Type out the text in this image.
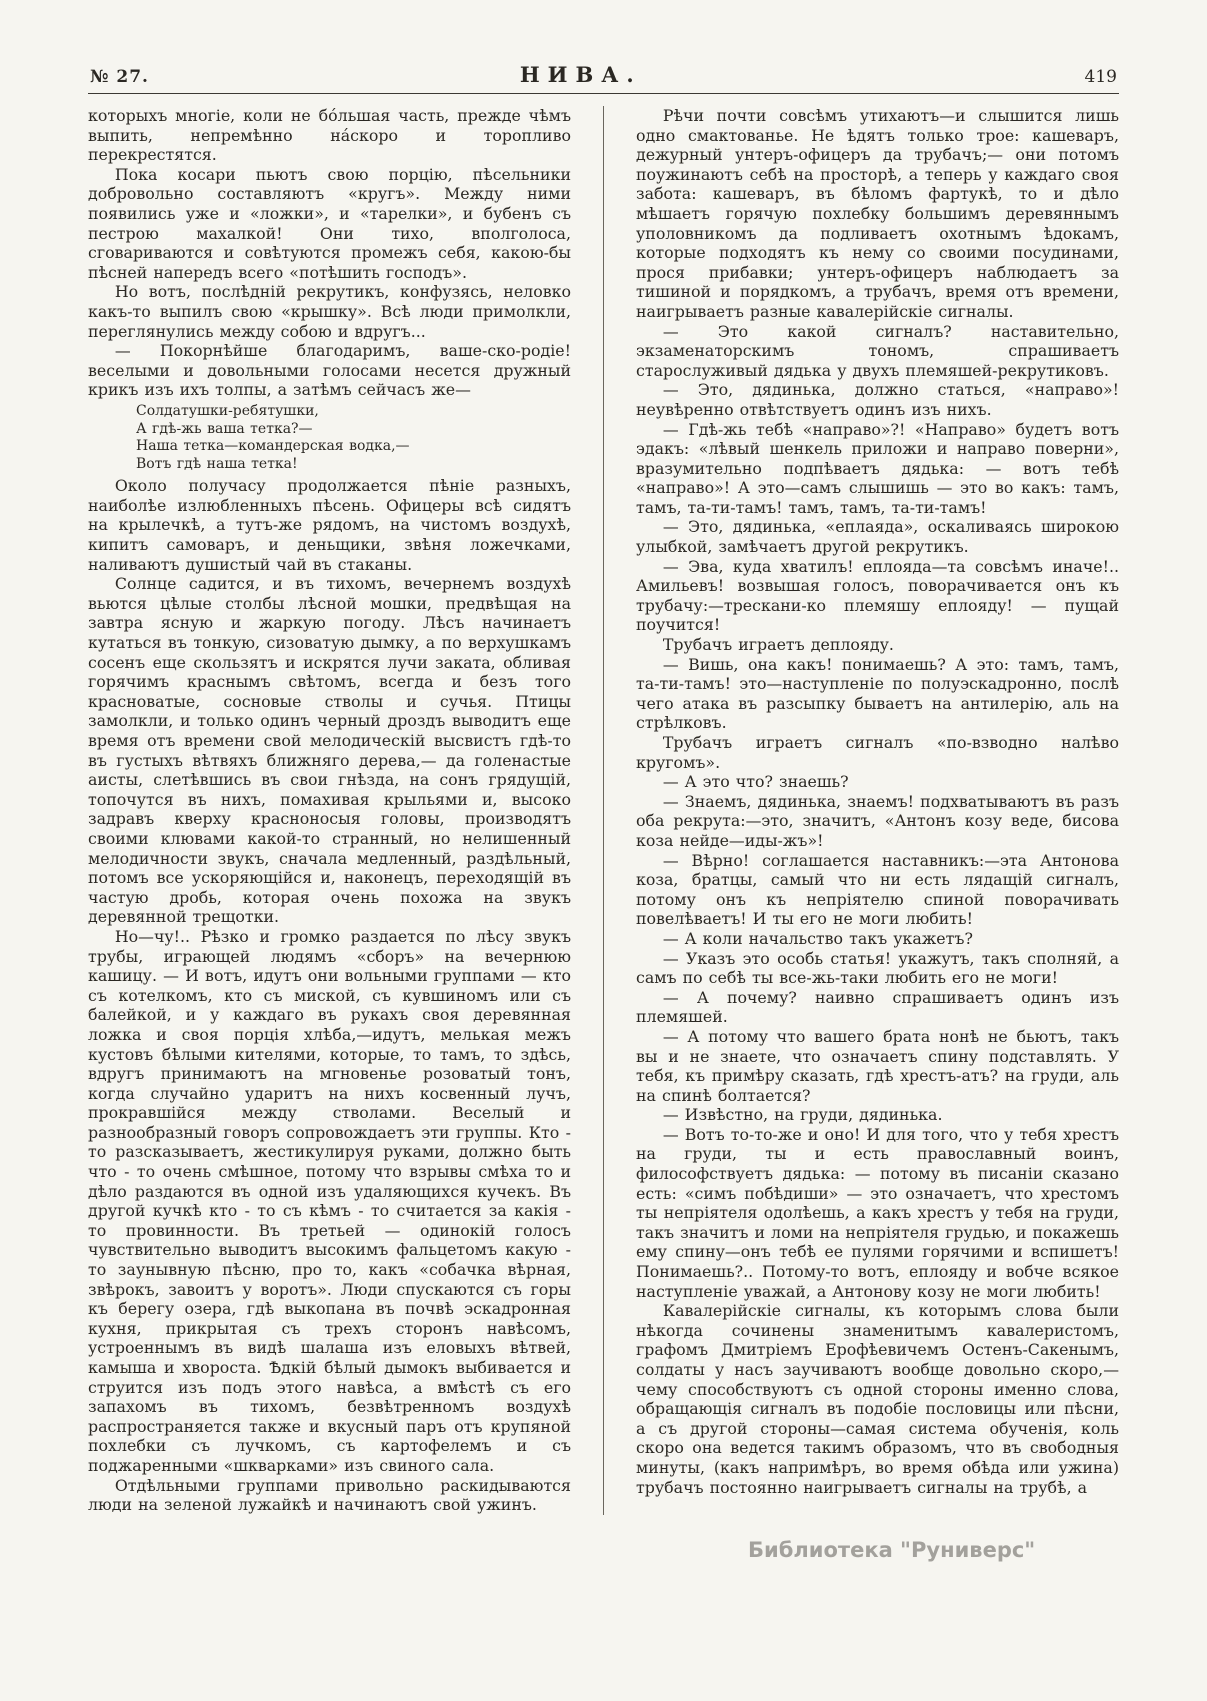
№ 27.	НИВА.	419

которыхъ многіе, коли не бо́льшая часть, прежде чѣмъ выпить, непремѣнно на́скоро и торопливо перекрестятся.

Пока косари пьютъ свою порцію, пѣсельники добровольно составляютъ «кругъ». Между ними появились уже и «ложки», и «тарелки», и бубенъ съ пестрою махалкой! Они тихо, вполголоса, сговариваются и совѣтуются промежъ себя, какою-бы пѣсней напередъ всего «потѣшить господъ».

Но вотъ, послѣдній рекрутикъ, конфузясь, неловко какъ-то выпилъ свою «крышку». Всѣ люди примолкли, переглянулись между собою и вдругъ...

— Покорнѣйше благодаримъ, ваше-ско-родіе! веселыми и довольными голосами несется дружный крикъ изъ ихъ толпы, а затѣмъ сейчасъ же—

Солдатушки-ребятушки,
А гдѣ-жь ваша тетка?—
Наша тетка—командерская водка,—
Вотъ гдѣ наша тетка!

Около получасу продолжается пѣніе разныхъ, наиболѣе излюбленныхъ пѣсень. Офицеры всѣ сидятъ на крылечкѣ, а тутъ-же рядомъ, на чистомъ воздухѣ, кипитъ самоваръ, и деньщики, звѣня ложечками, наливаютъ душистый чай въ стаканы.

Солнце садится, и въ тихомъ, вечернемъ воздухѣ вьются цѣлые столбы лѣсной мошки, предвѣщая на завтра ясную и жаркую погоду. Лѣсъ начинаетъ кутаться въ тонкую, сизоватую дымку, а по верхушкамъ сосенъ еще скользятъ и искрятся лучи заката, обливая горячимъ краснымъ свѣтомъ, всегда и безъ того красноватые, сосновые стволы и сучья. Птицы замолкли, и только одинъ черный дроздъ выводитъ еще время отъ времени свой мелодическій высвистъ гдѣ-то въ густыхъ вѣтвяхъ ближняго дерева,— да голенастые аисты, слетѣвшись въ свои гнѣзда, на сонъ грядущій, топочутся въ нихъ, помахивая крыльями и, высоко задравъ кверху красноносыя головы, производятъ своими клювами какой-то странный, но нелишенный мелодичности звукъ, сначала медленный, раздѣльный, потомъ все ускоряющійся и, наконецъ, переходящій въ частую дробь, которая очень похожа на звукъ деревянной трещотки.

Но—чу!.. Рѣзко и громко раздается по лѣсу звукъ трубы, играющей людямъ «сборъ» на вечернюю кашицу. — И вотъ, идутъ они вольными группами — кто съ котелкомъ, кто съ миской, съ кувшиномъ или съ балейкой, и у каждаго въ рукахъ своя деревянная ложка и своя порція хлѣба,—идутъ, мелькая межъ кустовъ бѣлыми кителями, которые, то тамъ, то здѣсь, вдругъ принимаютъ на мгновенье розоватый тонъ, когда случайно ударитъ на нихъ косвенный лучъ, прокравшійся между стволами. Веселый и разнообразный говоръ сопровождаетъ эти группы. Кто - то разсказываетъ, жестикулируя руками, должно быть что - то очень смѣшное, потому что взрывы смѣха то и дѣло раздаются въ одной изъ удаляющихся кучекъ. Въ другой кучкѣ кто - то съ кѣмъ - то считается за какія - то провинности. Въ третьей — одинокій голосъ чувствительно выводитъ высокимъ фальцетомъ какую - то заунывную пѣсню, про то, какъ «собачка вѣрная, звѣрокъ, завоитъ у воротъ». Люди спускаются съ горы къ берегу озера, гдѣ выкопана въ почвѣ эскадронная кухня, прикрытая съ трехъ сторонъ навѣсомъ, устроеннымъ въ видѣ шалаша изъ еловыхъ вѣтвей, камыша и хвороста. Ѣдкій бѣлый дымокъ выбивается и струится изъ подъ этого навѣса, а вмѣстѣ съ его запахомъ въ тихомъ, безвѣтренномъ воздухѣ распространяется также и вкусный паръ отъ крупяной похлебки съ лучкомъ, съ картофелемъ и съ поджаренными «шкварками» изъ свиного сала.

Отдѣльными группами привольно раскидываются люди на зеленой лужайкѣ и начинаютъ свой ужинъ.

Рѣчи почти совсѣмъ утихаютъ—и слышится лишь одно смактованье. Не ѣдятъ только трое: кашеваръ, дежурный унтеръ-офицеръ да трубачъ;— они потомъ поужинаютъ себѣ на просторѣ, а теперь у каждаго своя забота: кашеваръ, въ бѣломъ фартукѣ, то и дѣло мѣшаетъ горячую похлебку большимъ деревяннымъ уполовникомъ да подливаетъ охотнымъ ѣдокамъ, которые подходятъ къ нему со своими посудинами, прося прибавки; унтеръ-офицеръ наблюдаетъ за тишиной и порядкомъ, а трубачъ, время отъ времени, наигрываетъ разные кавалерійскіе сигналы.

— Это какой сигналъ? наставительно, экзаменаторскимъ тономъ, спрашиваетъ старослуживый дядька у двухъ племяшей-рекрутиковъ.

— Это, дядинька, должно статься, «направо»! неувѣренно отвѣтствуетъ одинъ изъ нихъ.

— Гдѣ-жь тебѣ «направо»?! «Направо» будетъ вотъ эдакъ: «лѣвый шенкель приложи и направо поверни», вразумительно подпѣваетъ дядька: — вотъ тебѣ «направо»! А это—самъ слышишь — это во какъ: тамъ, тамъ, та-ти-тамъ! тамъ, тамъ, та-ти-тамъ!

— Это, дядинька, «еплаяда», оскаливаясь широкою улыбкой, замѣчаетъ другой рекрутикъ.

— Эва, куда хватилъ! еплояда—та совсѣмъ иначе!.. Амильевъ! возвышая голосъ, поворачивается онъ къ трубачу:—трескани-ко племяшу еплояду! — пущай поучится!

Трубачъ играетъ деплояду.

— Вишь, она какъ! понимаешь? А это: тамъ, тамъ, та-ти-тамъ! это—наступленіе по полуэскадронно, послѣ чего атака въ разсыпку бываетъ на антилерію, аль на стрѣлковъ.

Трубачъ играетъ сигналъ «по-взводно налѣво кругомъ».

— А это что? знаешь?

— Знаемъ, дядинька, знаемъ! подхватываютъ въ разъ оба рекрута:—это, значитъ, «Антонъ козу веде, бисова коза нейде—иды-жъ»!

— Вѣрно! соглашается наставникъ:—эта Антонова коза, братцы, самый что ни есть лядащій сигналъ, потому онъ къ непріятелю спиной поворачивать повелѣваетъ! И ты его не моги любить!

— А коли начальство такъ укажетъ?

— Указъ это особь статья! укажутъ, такъ сполняй, а самъ по себѣ ты все-жь-таки любить его не моги!

— А почему? наивно спрашиваетъ одинъ изъ племяшей.

— А потому что вашего брата нонѣ не бьютъ, такъ вы и не знаете, что означаетъ спину подставлять. У тебя, къ примѣру сказать, гдѣ хрестъ-атъ? на груди, аль на спинѣ болтается?

— Извѣстно, на груди, дядинька.

— Вотъ то-то-же и оно! И для того, что у тебя хрестъ на груди, ты и есть православный воинъ, философствуетъ дядька: — потому въ писаніи сказано есть: «симъ побѣдиши» — это означаетъ, что хрестомъ ты непріятеля одолѣешь, а какъ хрестъ у тебя на груди, такъ значитъ и ломи на непріятеля грудью, и покажешь ему спину—онъ тебѣ ее пулями горячими и вспишетъ! Понимаешь?.. Потому-то вотъ, еплояду и вобче всякое наступленіе уважай, а Антонову козу не моги любить!

Кавалерійскіе сигналы, къ которымъ слова были нѣкогда сочинены знаменитымъ кавалеристомъ, графомъ Дмитріемъ Ерофѣевичемъ Остенъ-Сакенымъ, солдаты у насъ заучиваютъ вообще довольно скоро,—чему способствуютъ съ одной стороны именно слова, обращающія сигналъ въ подобіе пословицы или пѣсни, а съ другой стороны—самая система обученія, коль скоро она ведется такимъ образомъ, что въ свободныя минуты, (какъ напримѣръ, во время обѣда или ужина) трубачъ постоянно наигрываетъ сигналы на трубѣ, а

Библиотека "Руниверс"
